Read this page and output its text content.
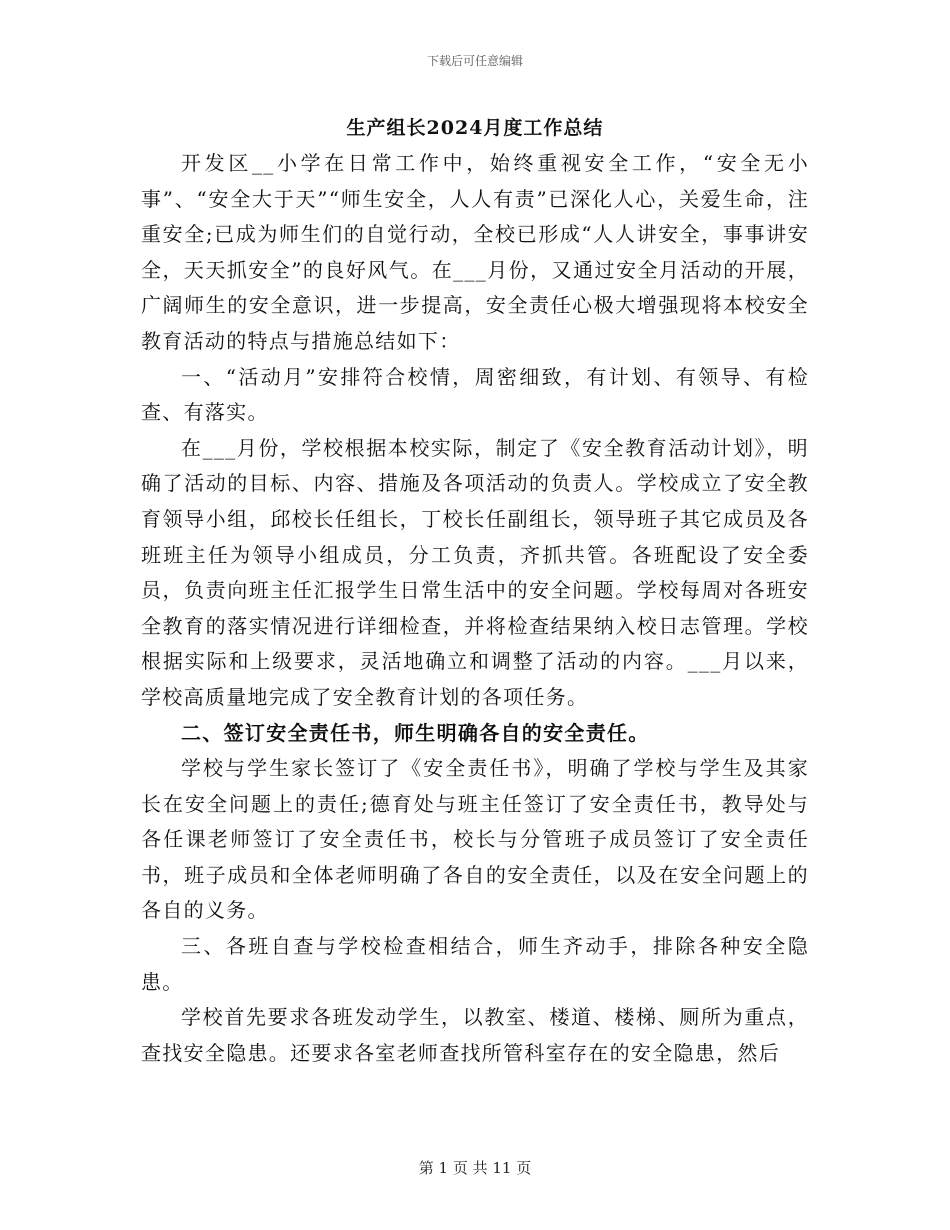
下载后可任意编辑
生产组长2024月度工作总结

开发区__小学在日常工作中，始终重视安全工作，“安全无小事”、“安全大于天”“师生安全，人人有责”已深化人心，关爱生命，注重安全;已成为师生们的自觉行动，全校已形成“人人讲安全，事事讲安全，天天抓安全”的良好风气。在___月份，又通过安全月活动的开展，广阔师生的安全意识，进一步提高，安全责任心极大增强现将本校安全教育活动的特点与措施总结如下：

一、“活动月”安排符合校情，周密细致，有计划、有领导、有检查、有落实。

在___月份，学校根据本校实际，制定了《安全教育活动计划》，明确了活动的目标、内容、措施及各项活动的负责人。学校成立了安全教育领导小组，邱校长任组长，丁校长任副组长，领导班子其它成员及各班班主任为领导小组成员，分工负责，齐抓共管。各班配设了安全委员，负责向班主任汇报学生日常生活中的安全问题。学校每周对各班安全教育的落实情况进行详细检查，并将检查结果纳入校日志管理。学校根据实际和上级要求，灵活地确立和调整了活动的内容。___月以来，学校高质量地完成了安全教育计划的各项任务。

二、签订安全责任书，师生明确各自的安全责任。

学校与学生家长签订了《安全责任书》，明确了学校与学生及其家长在安全问题上的责任;德育处与班主任签订了安全责任书，教导处与各任课老师签订了安全责任书，校长与分管班子成员签订了安全责任书，班子成员和全体老师明确了各自的安全责任，以及在安全问题上的各自的义务。

三、各班自查与学校检查相结合，师生齐动手，排除各种安全隐患。

学校首先要求各班发动学生，以教室、楼道、楼梯、厕所为重点，查找安全隐患。还要求各室老师查找所管科室存在的安全隐患，然后

第 1 页 共 11 页
